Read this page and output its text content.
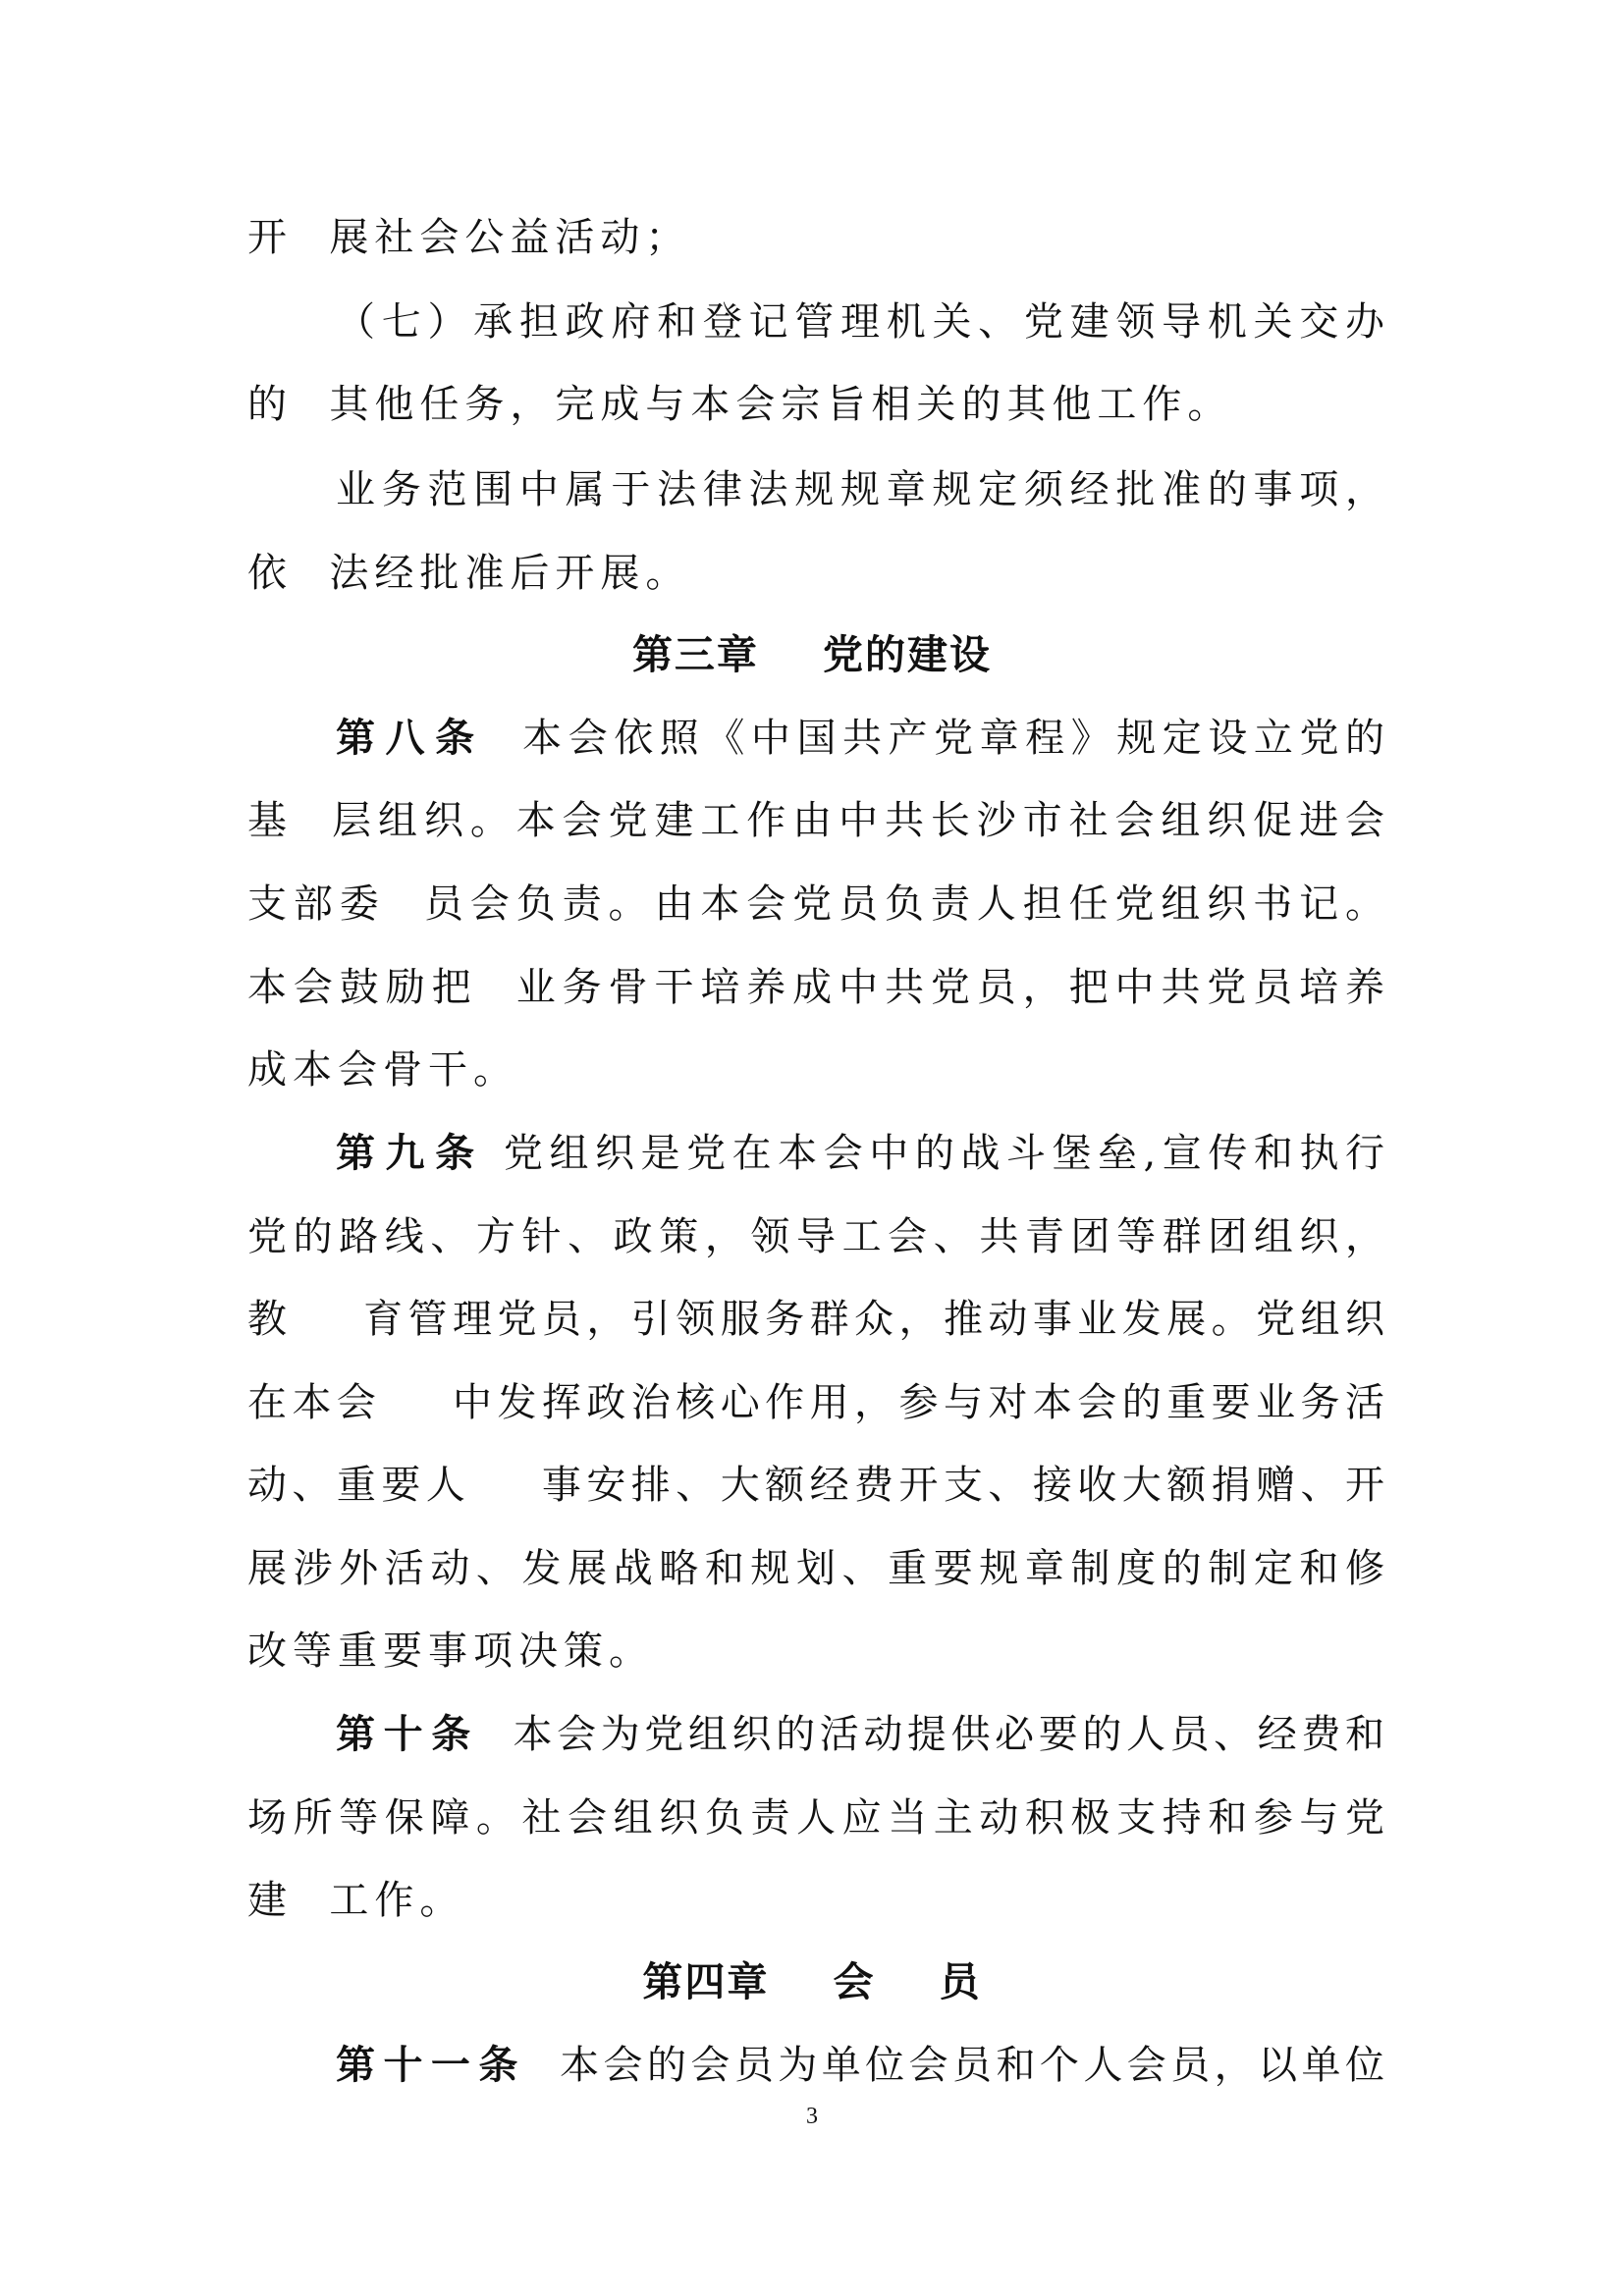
开  展社会公益活动；
（七）承担政府和登记管理机关、党建领导机关交办
的  其他任务，完成与本会宗旨相关的其他工作。
业务范围中属于法律法规规章规定须经批准的事项，
依  法经批准后开展。
第三章    党的建设
第八条  本会依照《中国共产党章程》规定设立党的
基  层组织。本会党建工作由中共长沙市社会组织促进会
支部委  员会负责。由本会党员负责人担任党组织书记。
本会鼓励把  业务骨干培养成中共党员，把中共党员培养
成本会骨干。
第九条 党组织是党在本会中的战斗堡垒,宣传和执行
党的路线、方针、政策，领导工会、共青团等群团组织，
教    育管理党员，引领服务群众，推动事业发展。党组织
在本会    中发挥政治核心作用，参与对本会的重要业务活
动、重要人    事安排、大额经费开支、接收大额捐赠、开
展涉外活动、发展战略和规划、重要规章制度的制定和修
改等重要事项决策。
第十条  本会为党组织的活动提供必要的人员、经费和
场所等保障。社会组织负责人应当主动积极支持和参与党
建  工作。
第四章    会    员
第十一条  本会的会员为单位会员和个人会员，以单位
3
